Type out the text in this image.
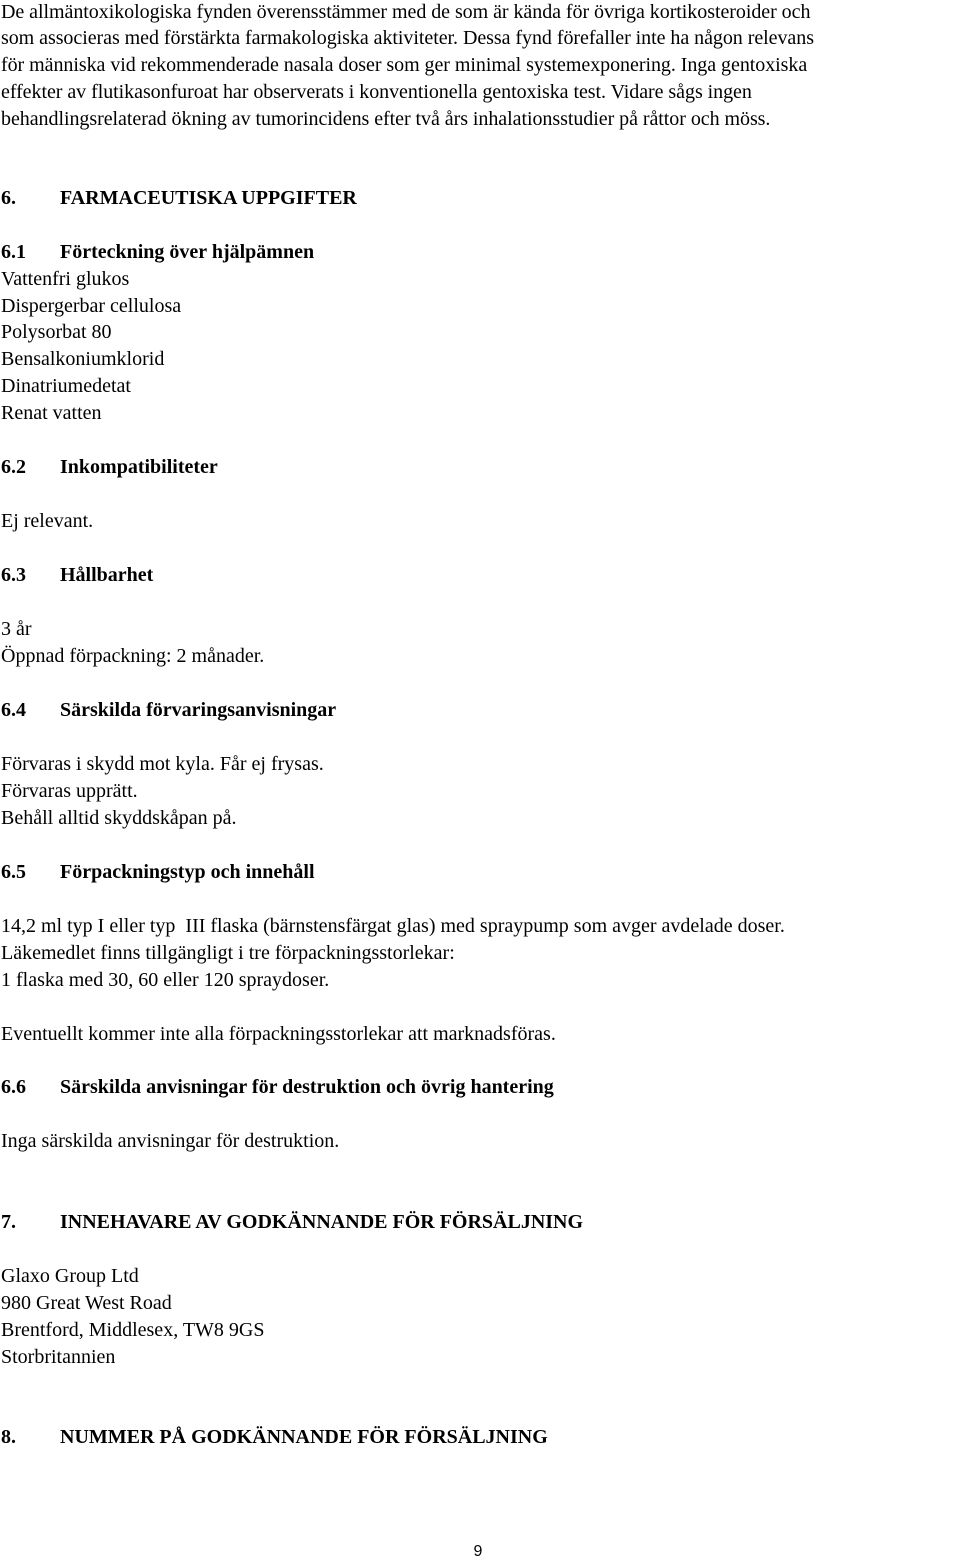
De allmäntoxikologiska fynden överensstämmer med de som är kända för övriga kortikosteroider och
som associeras med förstärkta farmakologiska aktiviteter. Dessa fynd förefaller inte ha någon relevans
för människa vid rekommenderade nasala doser som ger minimal systemexponering. Inga gentoxiska
effekter av flutikasonfuroat har observerats i konventionella gentoxiska test. Vidare sågs ingen
behandlingsrelaterad ökning av tumorincidens efter två års inhalationsstudier på råttor och möss.
6. FARMACEUTISKA UPPGIFTER
6.1 Förteckning över hjälpämnen
Vattenfri glukos
Dispergerbar cellulosa
Polysorbat 80
Bensalkoniumklorid
Dinatriumedetat
Renat vatten
6.2 Inkompatibiliteter
Ej relevant.
6.3 Hållbarhet
3 år
Öppnad förpackning: 2 månader.
6.4 Särskilda förvaringsanvisningar
Förvaras i skydd mot kyla. Får ej frysas.
Förvaras upprätt.
Behåll alltid skyddskåpan på.
6.5 Förpackningstyp och innehåll
14,2 ml typ I eller typ  III flaska (bärnstensfärgat glas) med spraypump som avger avdelade doser.
Läkemedlet finns tillgängligt i tre förpackningsstorlekar:
1 flaska med 30, 60 eller 120 spraydoser.
Eventuellt kommer inte alla förpackningsstorlekar att marknadsföras.
6.6 Särskilda anvisningar för destruktion och övrig hantering
Inga särskilda anvisningar för destruktion.
7. INNEHAVARE AV GODKÄNNANDE FÖR FÖRSÄLJNING
Glaxo Group Ltd
980 Great West Road
Brentford, Middlesex, TW8 9GS
Storbritannien
8. NUMMER PÅ GODKÄNNANDE FÖR FÖRSÄLJNING
9
